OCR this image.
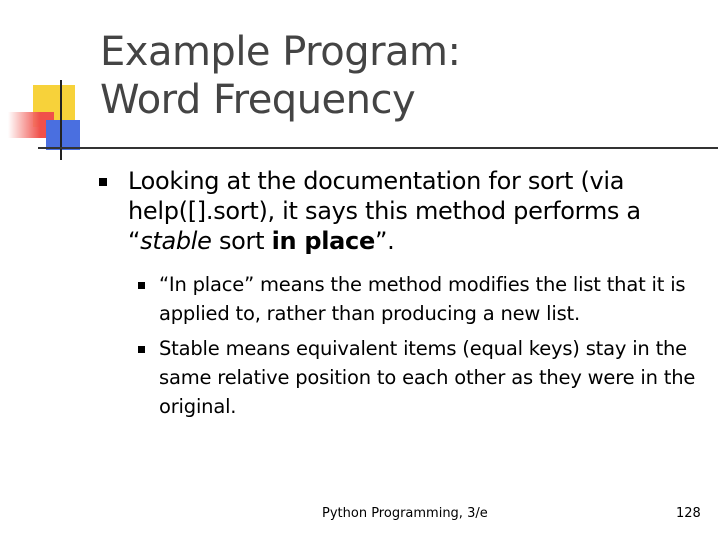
Example Program:
Word Frequency
Looking at the documentation for sort (via help([].sort), it says this method performs a “stable sort in place”.
“In place” means the method modifies the list that it is applied to, rather than producing a new list.
Stable means equivalent items (equal keys) stay in the same relative position to each other as they were in the original.
Python Programming, 3/e	128
